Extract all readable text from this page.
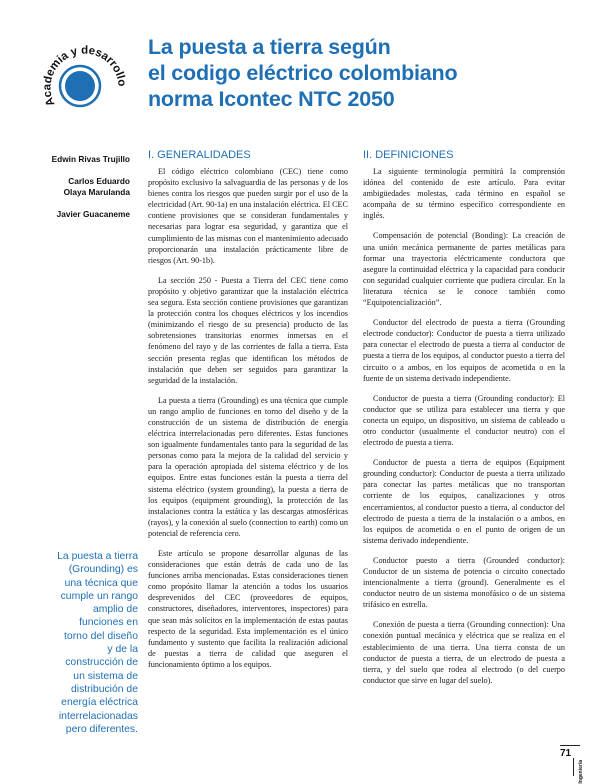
Academia y desarrollo
La puesta a tierra según
el codigo eléctrico colombiano
norma Icontec NTC 2050
Edwin Rivas Trujillo
Carlos Eduardo
Olaya Marulanda
Javier Guacaneme
La puesta a tierra
(Grounding) es
una técnica que
cumple un rango
amplio de
funciones en
torno del diseño
y de la
construcción de
un sistema de
distribución de
energía eléctrica
interrelacionadas
pero diferentes.
I. GENERALIDADES

El código eléctrico colombiano (CEC) tiene como propósito exclusivo la salvaguardia de las personas y de los bienes contra los riesgos que pueden surgir por el uso de la electricidad (Art. 90-1a) en una instalación eléctrica. El CEC contiene provisiones que se consideran fundamentales y necesarias para lograr esa seguridad, y garantiza que el cumplimiento de las mismas con el mantenimiento adecuado proporcionarán una instalación prácticamente libre de riesgos (Art. 90-1b).

La sección 250 - Puesta a Tierra del CEC tiene como propósito y objetivo garantizar que la instalación eléctrica sea segura. Esta sección contiene provisiones que garantizan la protección contra los choques eléctricos y los incendios (minimizando el riesgo de su presencia) producto de las sobretensiones transitorias enormes inmersas en el fenómeno del rayo y de las corrientes de falla a tierra. Esta sección presenta reglas que identifican los métodos de instalación que deben ser seguidos para garantizar la seguridad de la instalación.

La puesta a tierra (Grounding) es una técnica que cumple un rango amplio de funciones en torno del diseño y de la construcción de un sistema de distribución de energía eléctrica interrelacionadas pero diferentes. Estas funciones son igualmente fundamentales tanto para la seguridad de las personas como para la mejora de la calidad del servicio y para la operación apropiada del sistema eléctrico y de los equipos. Entre estas funciones están la puesta a tierra del sistema eléctrico (system grounding), la puesta a tierra de los equipos (equipment grounding), la protección de las instalaciones contra la estática y las descargas atmosféricas (rayos), y la conexión al suelo (connection to earth) como un potencial de referencia cero.

Este artículo se propone desarrollar algunas de las consideraciones que están detrás de cada uno de las funciones arriba mencionadas. Estas consideraciones tienen como propósito llamar la atención a todos los usuarios desprevenidos del CEC (proveedores de equipos, constructores, diseñadores, interventores, inspectores) para que sean más solícitos en la implementación de estas pautas respecto de la seguridad. Esta implementación es el único fundamento y sustento que facilita la realización adicional de puestas a tierra de calidad que aseguren el funcionamiento óptimo a los equipos.

II. DEFINICIONES

La siguiente terminología permitirá la comprensión idónea del contenido de este artículo. Para evitar ambigüedades molestas, cada término en español se acompaña de su término específico correspondiente en inglés.

Compensación de potencial (Bonding): La creación de una unión mecánica permanente de partes metálicas para formar una trayectoria eléctricamente conductora que asegure la continuidad eléctrica y la capacidad para conducir con seguridad cualquier corriente que pudiera circular. En la literatura técnica se le conoce también como “Equipotencialización”.

Conductor del electrodo de puesta a tierra (Grounding electrode conductor): Conductor de puesta a tierra utilizado para conectar el electrodo de puesta a tierra al conductor de puesta a tierra de los equipos, al conductor puesto a tierra del circuito o a ambos, en los equipos de acometida o en la fuente de un sistema derivado independiente.

Conductor de puesta a tierra (Grounding conductor): El conductor que se utiliza para establecer una tierra y que conecta un equipo, un dispositivo, un sistema de cableado u otro conductor (usualmente el conductor neutro) con el electrodo de puesta a tierra.

Conductor de puesta a tierra de equipos (Equipment grounding conductor): Conductor de puesta a tierra utilizado para conectar las partes metálicas que no transportan corriente de los equipos, canalizaciones y otros encerramientos, al conductor puesto a tierra, al conductor del electrodo de puesta a tierra de la instalación o a ambos, en los equipos de acometida o en el punto de origen de un sistema derivado independiente.

Conductor puesto a tierra (Grounded conductor): Conductor de un sistema de potencia o circuito conectado intencionalmente a tierra (ground). Generalmente es el conductor neutro de un sistema monofásico o de un sistema trifásico en estrella.

Conexión de puesta a tierra (Grounding connection): Una conexión puntual mecánica y eléctrica que se realiza en el establecimiento de una tierra. Una tierra consta de un conductor de puesta a tierra, de un electrodo de puesta a tierra, y del suelo que rodea al electrodo (o del cuerpo conductor que sirve en lugar del suelo).

71
Ingeniería
